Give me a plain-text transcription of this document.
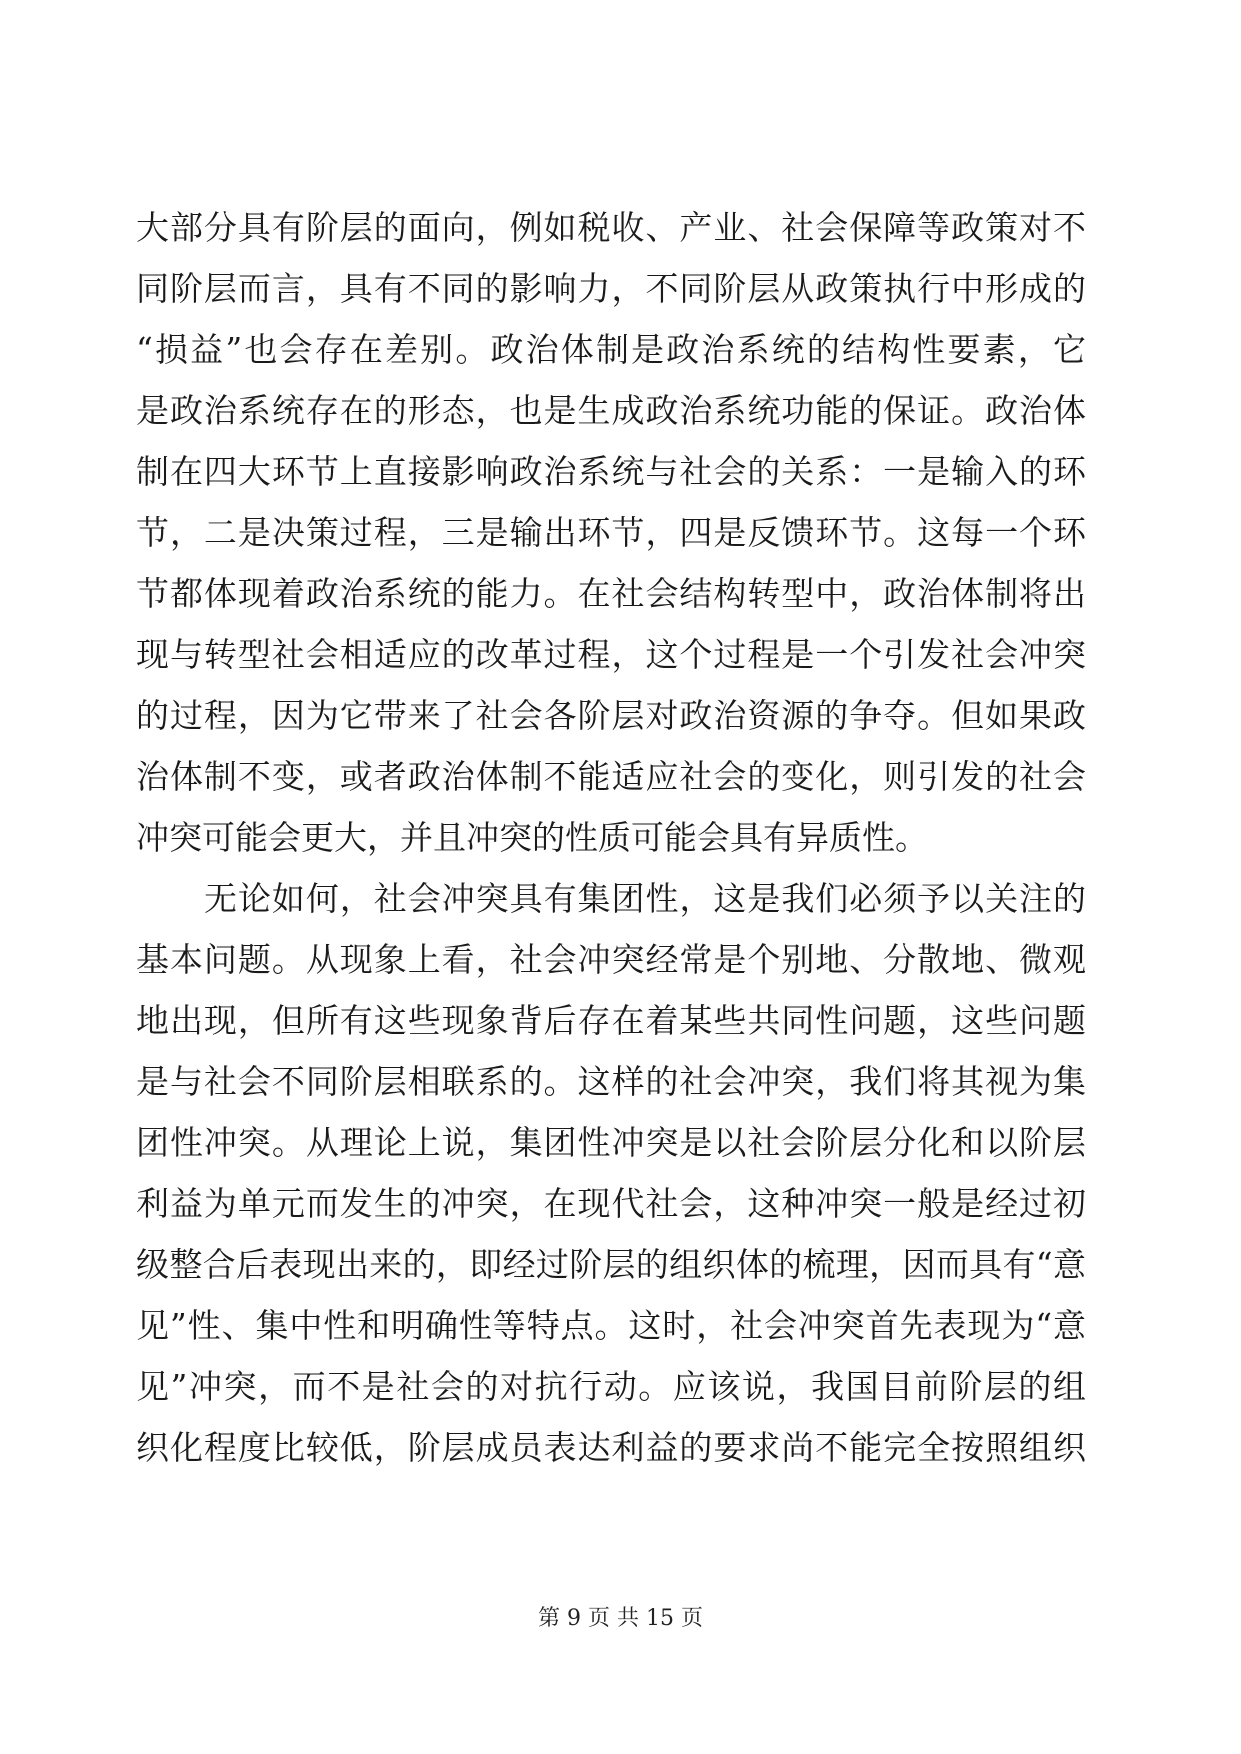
大部分具有阶层的面向，例如税收、产业、社会保障等政策对不
同阶层而言，具有不同的影响力，不同阶层从政策执行中形成的
“损益”也会存在差别。政治体制是政治系统的结构性要素，它
是政治系统存在的形态，也是生成政治系统功能的保证。政治体
制在四大环节上直接影响政治系统与社会的关系：一是输入的环
节，二是决策过程，三是输出环节，四是反馈环节。这每一个环
节都体现着政治系统的能力。在社会结构转型中，政治体制将出
现与转型社会相适应的改革过程，这个过程是一个引发社会冲突
的过程，因为它带来了社会各阶层对政治资源的争夺。但如果政
治体制不变，或者政治体制不能适应社会的变化，则引发的社会
冲突可能会更大，并且冲突的性质可能会具有异质性。
无论如何，社会冲突具有集团性，这是我们必须予以关注的
基本问题。从现象上看，社会冲突经常是个别地、分散地、微观
地出现，但所有这些现象背后存在着某些共同性问题，这些问题
是与社会不同阶层相联系的。这样的社会冲突，我们将其视为集
团性冲突。从理论上说，集团性冲突是以社会阶层分化和以阶层
利益为单元而发生的冲突，在现代社会，这种冲突一般是经过初
级整合后表现出来的，即经过阶层的组织体的梳理，因而具有“意
见”性、集中性和明确性等特点。这时，社会冲突首先表现为“意
见”冲突，而不是社会的对抗行动。应该说，我国目前阶层的组
织化程度比较低，阶层成员表达利益的要求尚不能完全按照组织
第 9 页 共 15 页
